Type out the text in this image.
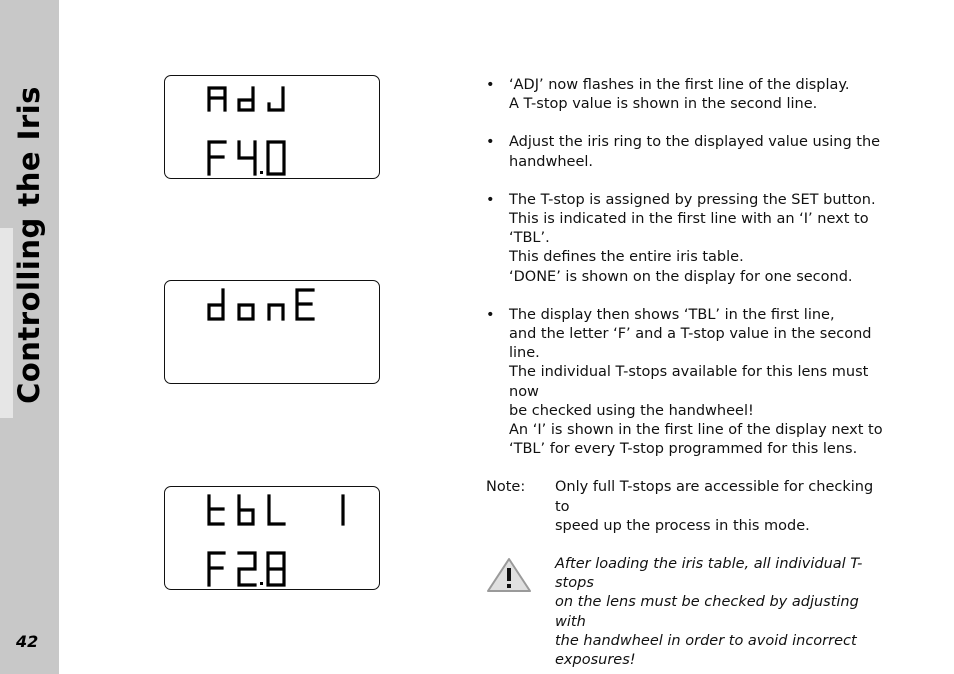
Controlling the Iris
42
• ‘ADJ’ now flashes in the first line of the display.

A T-stop value is shown in the second line.

• Adjust the iris ring to the displayed value using the

handwheel.

• The T-stop is assigned by pressing the SET button.

This is indicated in the first line with an ‘I’ next to ‘TBL’.

This defines the entire iris table.

‘DONE’ is shown on the display for one second.

• The display then shows ‘TBL’ in the first line,

and the letter ‘F’ and a T-stop value in the second line.

The individual T-stops available for this lens must now

be checked using the handwheel!

An ‘I’ is shown in the first line of the display next to

‘TBL’ for every T-stop programmed for this lens.

Note: Only full T-stops are accessible for checking to
speed up the process in this mode.
After loading the iris table, all individual T-stops
on the lens must be checked by adjusting with
the handwheel in order to avoid incorrect
exposures!
